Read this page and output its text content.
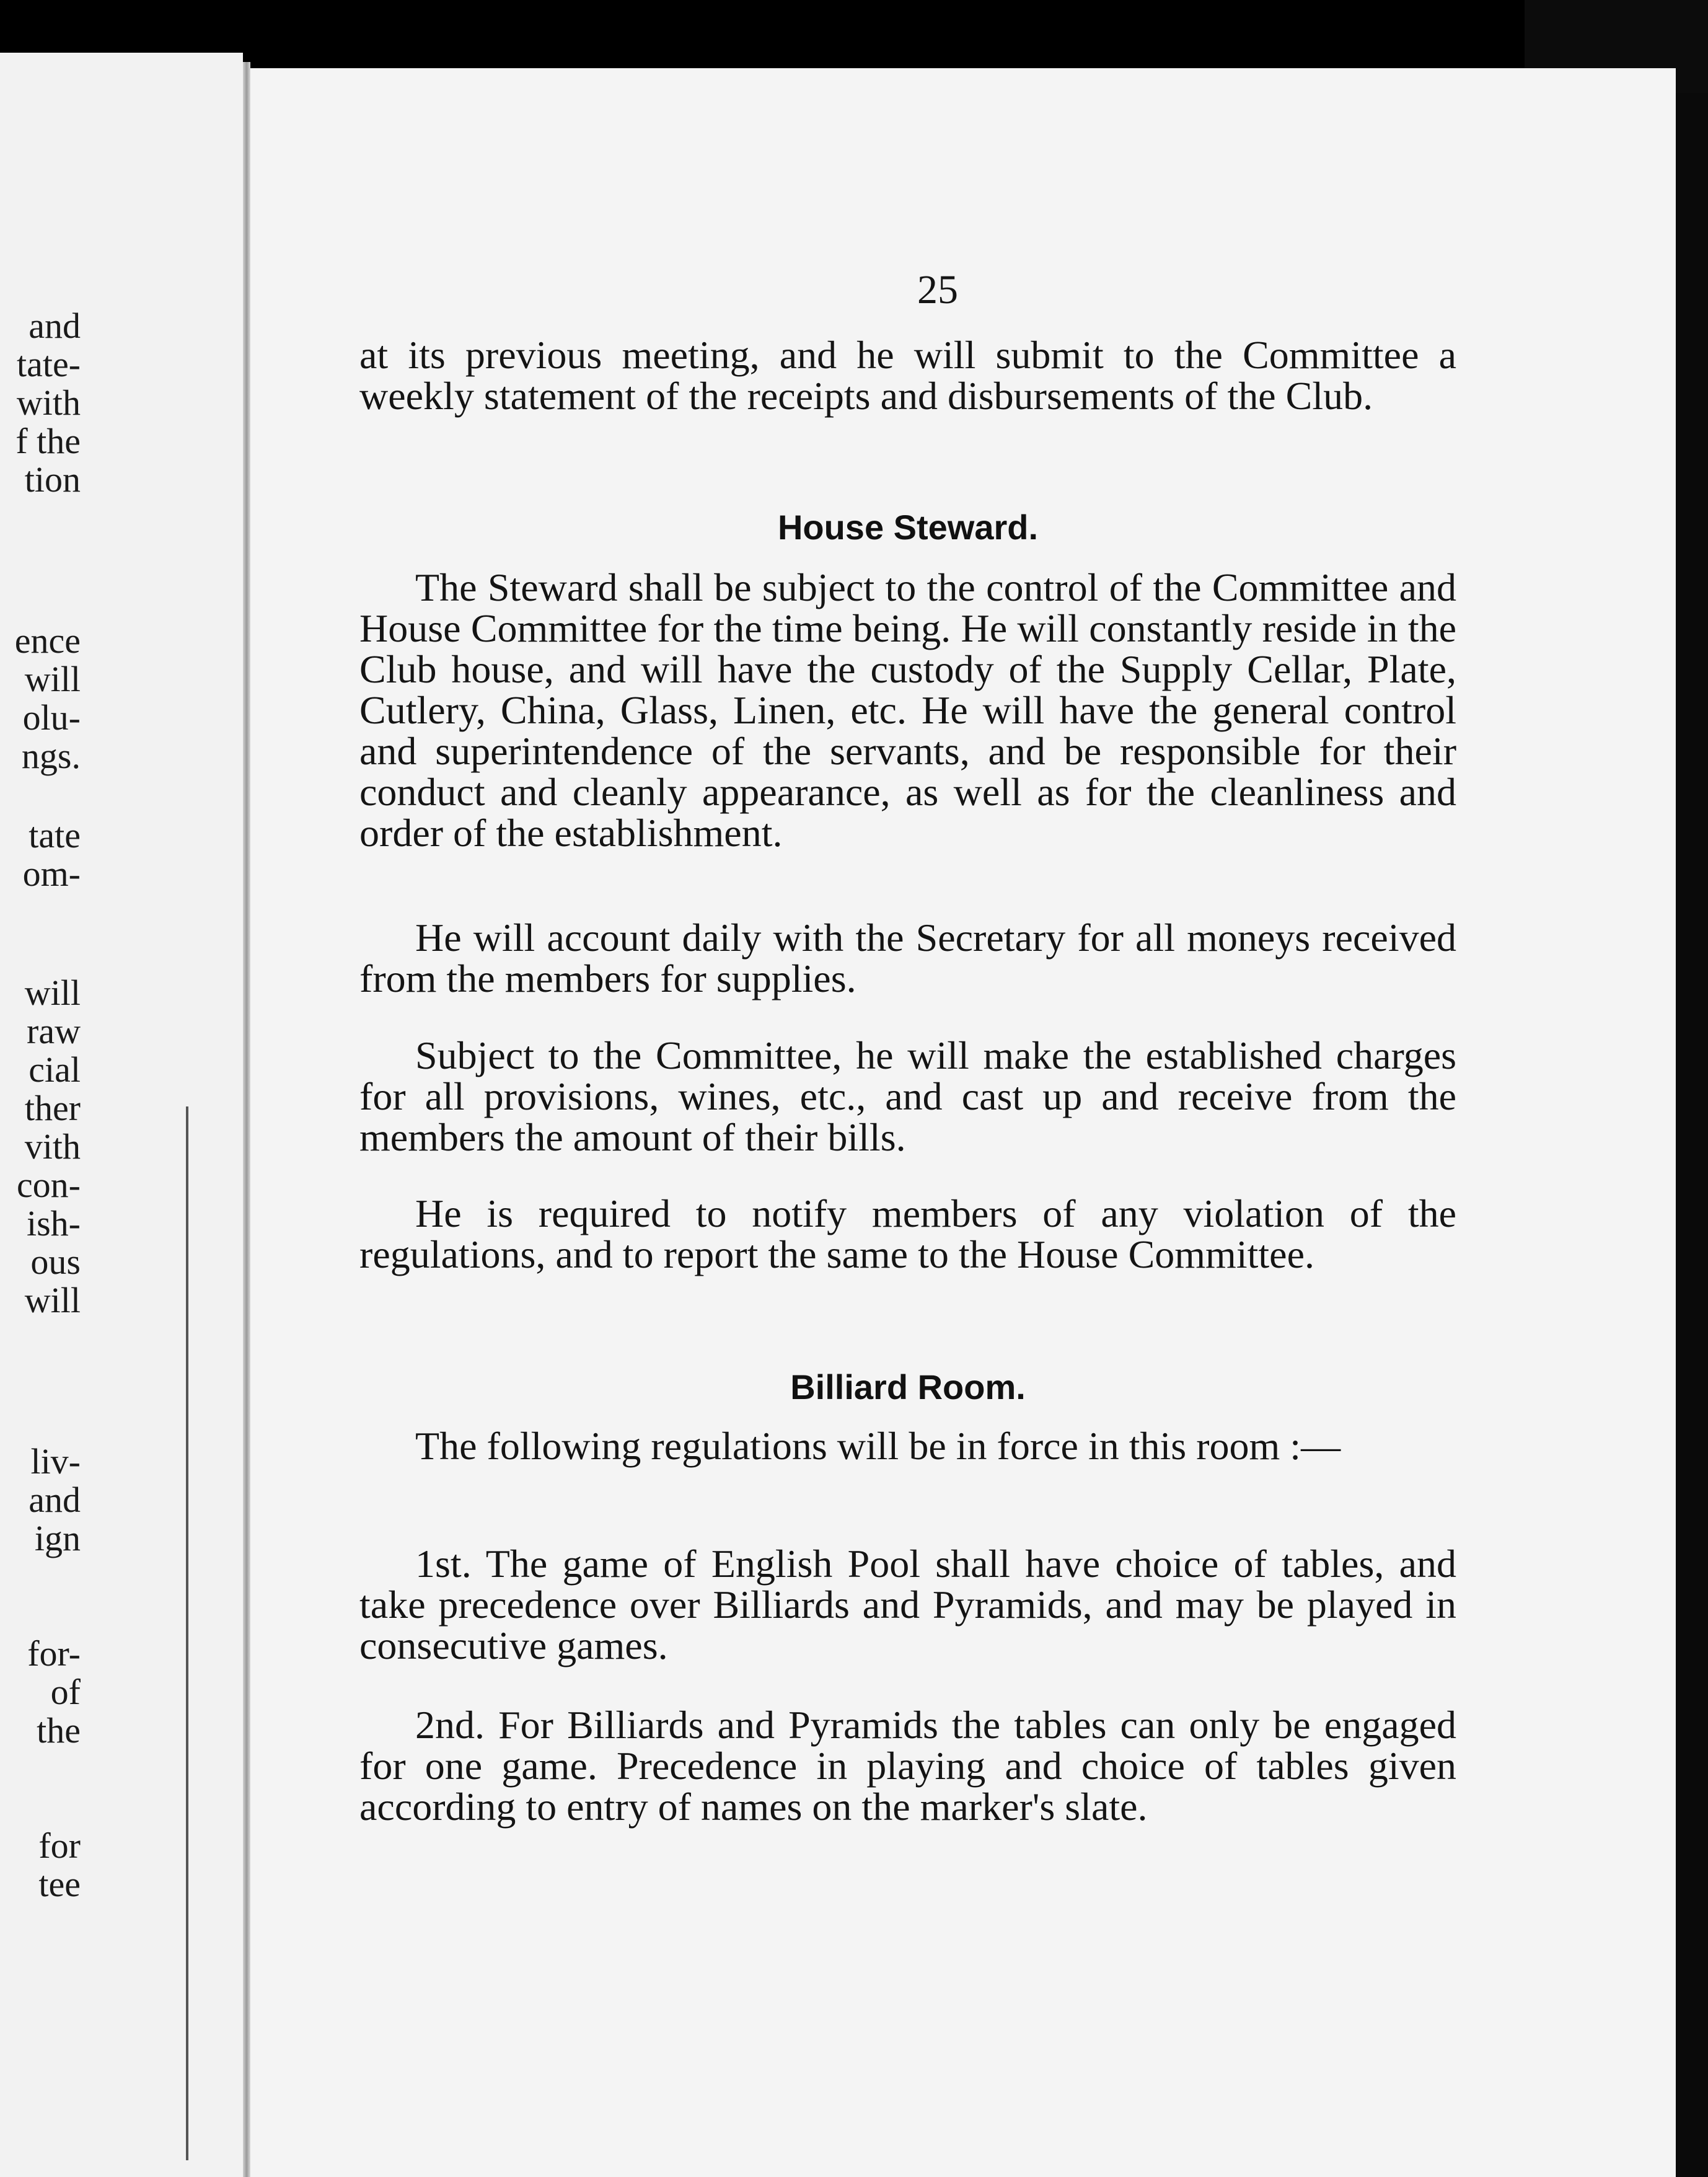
and
tate-
with
f the
tion
ence
will
olu-
ngs.
tate
om-
will
raw
cial
ther
vith
con-
ish-
ous
will
liv-
and
ign
for-
of
the
for
tee
25

at its previous meeting, and he will submit to the Committee a weekly statement of the receipts and disbursements of the Club.

House Steward.

The Steward shall be subject to the control of the Committee and House Committee for the time being. He will constantly reside in the Club house, and will have the custody of the Supply Cellar, Plate, Cutlery, China, Glass, Linen, etc. He will have the general control and superintendence of the servants, and be responsible for their conduct and cleanly appearance, as well as for the cleanliness and order of the establishment.

He will account daily with the Secretary for all moneys received from the members for supplies.

Subject to the Committee, he will make the established charges for all provisions, wines, etc., and cast up and receive from the members the amount of their bills.

He is required to notify members of any violation of the regulations, and to report the same to the House Committee.

Billiard Room.

The following regulations will be in force in this room :—

1st. The game of English Pool shall have choice of tables, and take precedence over Billiards and Pyramids, and may be played in consecutive games.

2nd. For Billiards and Pyramids the tables can only be engaged for one game. Precedence in playing and choice of tables given according to entry of names on the marker's slate.
